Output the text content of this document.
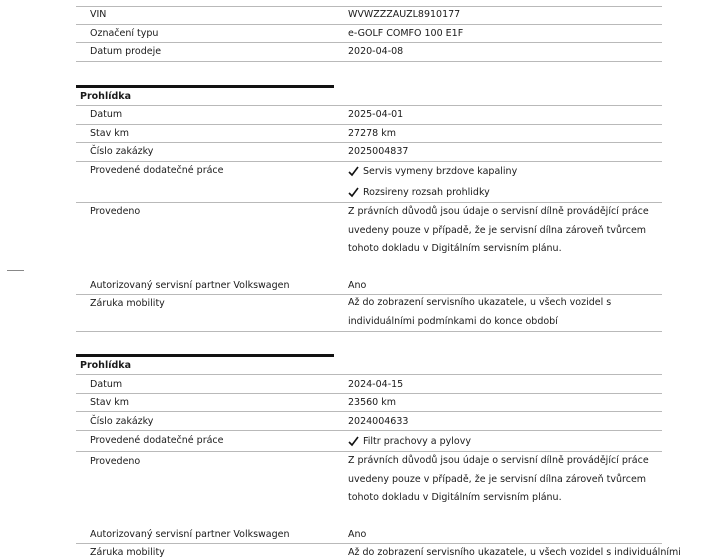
VIN	WVWZZZAUZL8910177
Označení typu	e-GOLF COMFO 100 E1F
Datum prodeje	2020-04-08
Prohlídka
Datum	2025-04-01
Stav km	27278 km
Číslo zakázky	2025004837
Provedené dodatečné práce	Servis vymeny brzdove kapaliny
Rozsireny rozsah prohlidky
Provedeno	Z právních důvodů jsou údaje o servisní dílně provádějící práce uvedeny pouze v případě, že je servisní dílna zároveň tvůrcem tohoto dokladu v Digitálním servisním plánu.
Autorizovaný servisní partner Volkswagen	Ano
Záruka mobility	Až do zobrazení servisního ukazatele, u všech vozidel s individuálními podmínkami do konce období
Prohlídka
Datum	2024-04-15
Stav km	23560 km
Číslo zakázky	2024004633
Provedené dodatečné práce	Filtr prachovy a pylovy
Provedeno	Z právních důvodů jsou údaje o servisní dílně provádějící práce uvedeny pouze v případě, že je servisní dílna zároveň tvůrcem tohoto dokladu v Digitálním servisním plánu.
Autorizovaný servisní partner Volkswagen	Ano
Záruka mobility	Až do zobrazení servisního ukazatele, u všech vozidel s individuálními
